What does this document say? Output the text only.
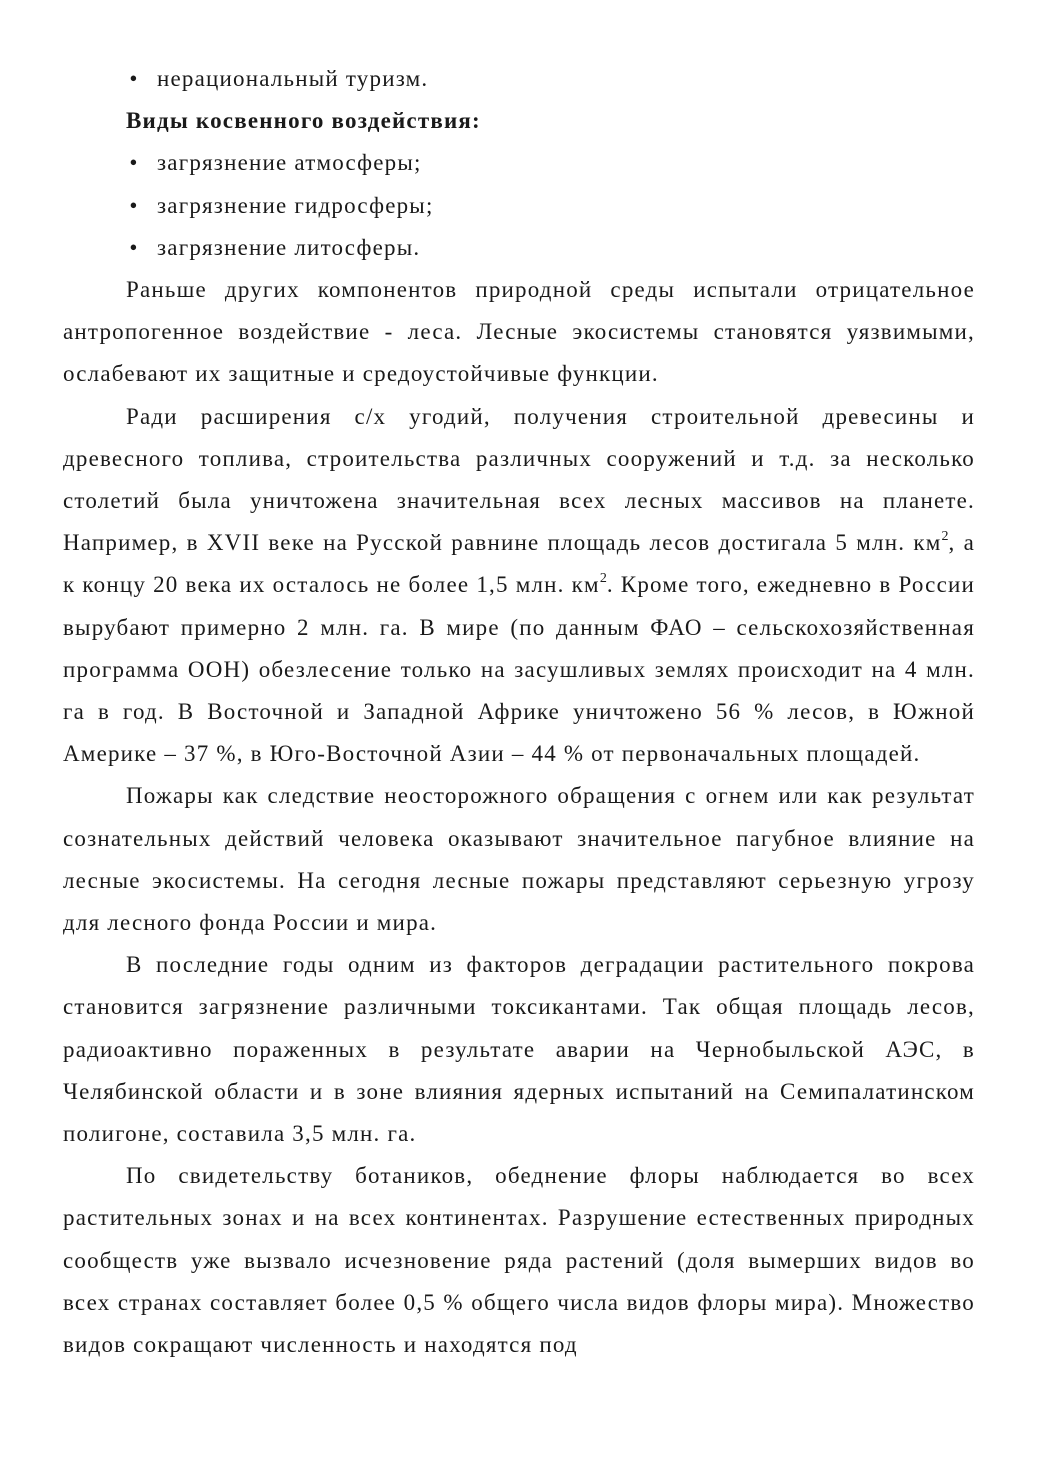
• нерациональный туризм.

Виды косвенного воздействия:

• загрязнение атмосферы;
• загрязнение гидросферы;
• загрязнение литосферы.

Раньше других компонентов природной среды испытали отрицательное антропогенное воздействие - леса. Лесные экосистемы становятся уязвимыми, ослабевают их защитные и средоустойчивые функции.

Ради расширения с/х угодий, получения строительной древесины и древесного топлива, строительства различных сооружений и т.д. за несколько столетий была уничтожена значительная всех лесных массивов на планете. Например, в XVII веке на Русской равнине площадь лесов достигала 5 млн. $км^2$, а к концу 20 века их осталось не более 1,5 млн. $км^2$. Кроме того, ежедневно в России вырубают примерно 2 млн. га. В мире (по данным ФАО – сельскохозяйственная программа ООН) обезлесение только на засушливых землях происходит на 4 млн. га в год. В Восточной и Западной Африке уничтожено 56 % лесов, в Южной Америке – 37 %, в Юго-Восточной Азии – 44 % от первоначальных площадей.

Пожары как следствие неосторожного обращения с огнем или как результат сознательных действий человека оказывают значительное пагубное влияние на лесные экосистемы. На сегодня лесные пожары представляют серьезную угрозу для лесного фонда России и мира.

В последние годы одним из факторов деградации растительного покрова становится загрязнение различными токсикантами. Так общая площадь лесов, радиоактивно пораженных в результате аварии на Чернобыльской АЭС, в Челябинской области и в зоне влияния ядерных испытаний на Семипалатинском полигоне, составила 3,5 млн. га.

По свидетельству ботаников, обеднение флоры наблюдается во всех растительных зонах и на всех континентах. Разрушение естественных природных сообществ уже вызвало исчезновение ряда растений (доля вымерших видов во всех странах составляет более 0,5 % общего числа видов флоры мира). Множество видов сокращают численность и находятся под
